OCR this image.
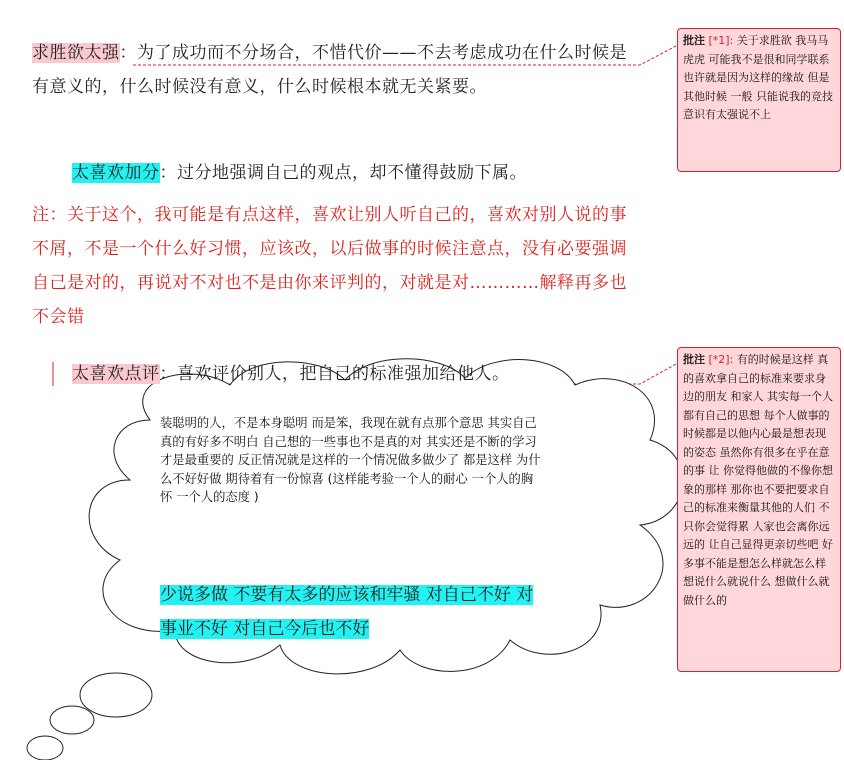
求胜欲太强：为了成功而不分场合，不惜代价——不去考虑成功在什么时候是有意义的，什么时候没有意义，什么时候根本就无关紧要。
太喜欢加分：过分地强调自己的观点，却不懂得鼓励下属。
注：关于这个，我可能是有点这样，喜欢让别人听自己的，喜欢对别人说的事不屑，不是一个什么好习惯，应该改，以后做事的时候注意点，没有必要强调自己是对的，再说对不对也不是由你来评判的，对就是对…………解释再多也不会错
太喜欢点评：喜欢评价别人，把自己的标准强加给他人。
装聪明的人，不是本身聪明 而是笨，我现在就有点那个意思 其实自己真的有好多不明白 自己想的一些事也不是真的对 其实还是不断的学习才是最重要的 反正情况就是这样的一个情况做多做少了 都是这样 为什么不好好做 期待着有一份惊喜 (这样能考验一个人的耐心 一个人的胸怀 一个人的态度 )
少说多做 不要有太多的应该和牢骚 对自己不好 对事业不好 对自己今后也不好
批注 [*1]: 关于求胜欲 我马马虎虎 可能我不是很和同学联系 也许就是因为这样的缘故 但是其他时候 一般 只能说我的竞技意识有太强说不上
批注 [*2]: 有的时候是这样 真的喜欢拿自己的标准来要求身边的朋友 和家人 其实每一个人都有自己的思想 每个人做事的时候都是以他内心最是想表现的姿态 虽然你有很多在乎在意的事 让 你觉得他做的不像你想象的那样 那你也不要把要求自己的标准来衡量其他的人们 不只你会觉得累 人家也会离你远远的 让自己显得更亲切些吧 好多事不能是想怎么样就怎么样 想说什么就说什么 想做什么就做什么的
